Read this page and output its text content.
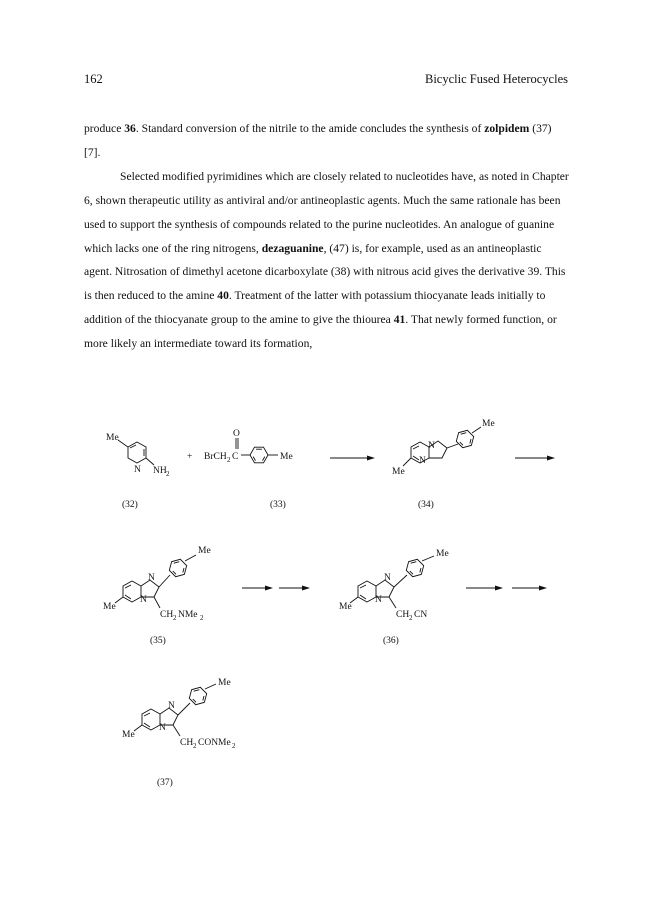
162	Bicyclic Fused Heterocycles

produce 36. Standard conversion of the nitrile to the amide concludes the synthesis of zolpidem (37) [7].

Selected modified pyrimidines which are closely related to nucleotides have, as noted in Chapter 6, shown therapeutic utility as antiviral and/or antineoplastic agents. Much the same rationale has been used to support the synthesis of compounds related to the purine nucleotides. An analogue of guanine which lacks one of the ring nitrogens, dezaguanine, (47) is, for example, used as an antineoplastic agent. Nitrosation of dimethyl acetone dicarboxylate (38) with nitrous acid gives the derivative 39. This is then reduced to the amine 40. Treatment of the latter with potassium thiocyanate leads initially to addition of the thiocyanate group to the amine to give the thiourea 41. That newly formed function, or more likely an intermediate toward its formation,

Me
NH 2
N
+ BrCH 2 C
O
Me
N
N
Me
Me
(32)	(33)	(34)
N
N
Me
Me
CH 2 NMe 2
N
N
Me
Me
CH 2 CN
(35)	(36)
N
N
Me
Me
CH 2 CONMe 2
(37)
